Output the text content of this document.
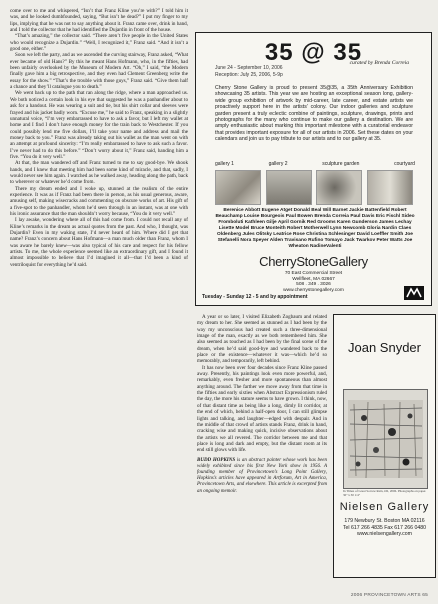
come over to me and whispered, “Isn’t that Franz Kline you’re with?” I told him it was, and he looked dumbfounded, saying, “But isn’t he dead?” I put my finger to my lips, implying that he was not to say anything about it. Franz came over, drink in hand, and I told the collector that he had identified the Dujardin in front of the house.

“That’s amazing,” the collector said. “There aren’t five people in the United States who would recognize a Dujardin.” “Well, I recognized it,” Franz said. “And it isn’t a good one, either.”

Soon we left the party, and as we ascended the curving stairway, Franz asked, “What ever became of old Hans?” By this he meant Hans Hofmann, who, in the fifties, had been unfairly overlooked by the Museum of Modern Art. “Oh,” I said, “the Modern finally gave him a big retrospective, and they even had Clement Greenberg write the essay for the show.” “That’s the trouble with those guys,” Franz said. “Give them half a chance and they’ll catalogue you to death.”

We went back up to the path that ran along the ridge, where a man approached us. We both noticed a certain look in his eye that suggested he was a panhandler about to ask for a handout. He was wearing a suit and tie, but his shirt collar and sleeves were frayed and his jacket badly worn. “Excuse me,” he said to Franz, speaking in a slightly unnatural voice, “I’m very embarrassed to have to ask a favor, but I left my wallet at home and I find I don’t have enough money for the train back to Westchester. If you could possibly lend me five dollars, I’ll take your name and address and mail the money back to you.” Franz was already taking out his wallet as the man went on with an attempt at profound sincerity: “I’m really embarrassed to have to ask such a favor. I’ve never had to do this before.” “Don’t worry about it,” Franz said, handing him a five. “You do it very well.”

At that, the man wandered off and Franz turned to me to say good-bye. We shook hands, and I knew that meeting him had been some kind of miracle, and that, sadly, I would never see him again. I watched as he walked away, heading along the path, back to wherever or whatever he’d come from.

There my dream ended and I woke up, stunned at the realism of the entire experience. It was as if Franz had been there in person, as his usual generous, aware, amusing self, making wisecracks and commenting on obscure works of art. His gift of a five-spot to the panhandler, whom he’d seen through in an instant, was at one with his ironic assurance that the man shouldn’t worry because, “You do it very well.”

I lay awake, wondering where all of this had come from. I could not recall any of Kline’s remarks in the dream as actual quotes from the past. And who, I thought, was Dujardin? Even in my waking state, I’d never heard of him. Where did I get that name? Franz’s concern about Hans Hofmann—a man much older than Franz, whom I was aware he barely knew—was also typical of his care and respect for his fellow artists. To me, the whole experience seemed like an extraordinary gift, and I found it almost impossible to believe that I’d imagined it all—that I’d been a kind of ventriloquist for everything he’d said.

35 @ 35
curated by Brenda Correia
June 24 - September 10, 2006
Reception: July 25, 2006, 5-9p
Cherry Stone Gallery is proud to present 35@35, a 35th Anniversary Exhibition showcasing 35 artists. This year we are hosting an exceptional season long, gallery-wide group exhibition of artwork by mid-career, late career, and estate artists we proactively support here in the artists’ colony. Our indoor galleries and sculpture garden present a truly eclectic combine of paintings, sculpture, drawings, prints and photographs for the many who continue to make our gallery a destination. We are amply enthusiastic about marking this important milestone with a curatorial endeavor that provides important exposure for all of our artists in 2006. Set these dates on your calendars and join us to pay tribute to our artists and to our gallery at 35.
gallery 1	gallery 2	sculpture garden	courtyard
Berenice Abbott Eugene Atget Donald Beal Will Barnet Jackie Battenfield Robert Beauchamp Louise Bourgeois Paul Bowen Brenda Correia Paul Davis Eric Fischl Sideo Fromboluti Kathleen Gilje April Gornik Red Grooms Karen Gunderson James Lechay Lisette Model Bruce Monteith Robert Motherwell Lynn Newcomb Gloria Nardin Claes Oldenberg Jules Olitsky Leatrice Rose Christina Schlesinger David Loeffler Smith Joe Stefanelli Nora Speyer Alden Travisano Rufino Tomayo Jack Twarkov Peter Watts Joe Wheaton NadineValenti
CherryStoneGallery
70 East Commercial Street
Wellfleet, MA 02667
508 . 349 . 3026
www.cherrystonegallery.com
Tuesday - Sunday 12 - 5 and by appointment

A year or so later, I visited Elizabeth Zogbaum and related my dream to her. She seemed as stunned as I had been by the way my unconscious had created such a three-dimensional image of the man, exactly as we both remembered him. She also seemed as touched as I had been by the final scene of the dream, when he’d said good-bye and wandered back to the place or the existence—whatever it was—which he’d so memorably, and temporarily, left behind.

It has now been over four decades since Franz Kline passed away. Presently, his paintings look even more powerful, and, remarkably, even fresher and more spontaneous than almost anything around. The farther we move away from that time in the fifties and early sixties when Abstract Expressionism ruled the day, the more his stature seems to have grown. I think, now, of that distant time as being like a long, dimly lit corridor, at the end of which, behind a half-open door, I can still glimpse lights and talking, and laughter—edged with despair. And in the middle of that crowd of artists stands Franz, drink in hand, cracking wise and making quick, incisive observations about the artists we all revered. The corridor between me and that place is long and dark and empty, but the distant room at its end still glows with life.

BUDD HOPKINS is an abstract painter whose work has been widely exhibited since his first New York show in 1956. A founding member of Provincetown’s Long Point Gallery, Hopkins’s articles have appeared in Artforum, Art in America, Provincetown Arts, and elsewhere. This article is excerpted from an ongoing memoir.
Joan Snyder
In Times of Great Sorrow Rain, Oil, 2006. Photographs on paper. 30" x 30 1/4"
Nielsen Gallery
179 Newbury St. Boston MA 02116
Tel 617 266 4835 Fax 617 266 0480
www.nielsengallery.com
2006 PROVINCETOWN ARTS 65
